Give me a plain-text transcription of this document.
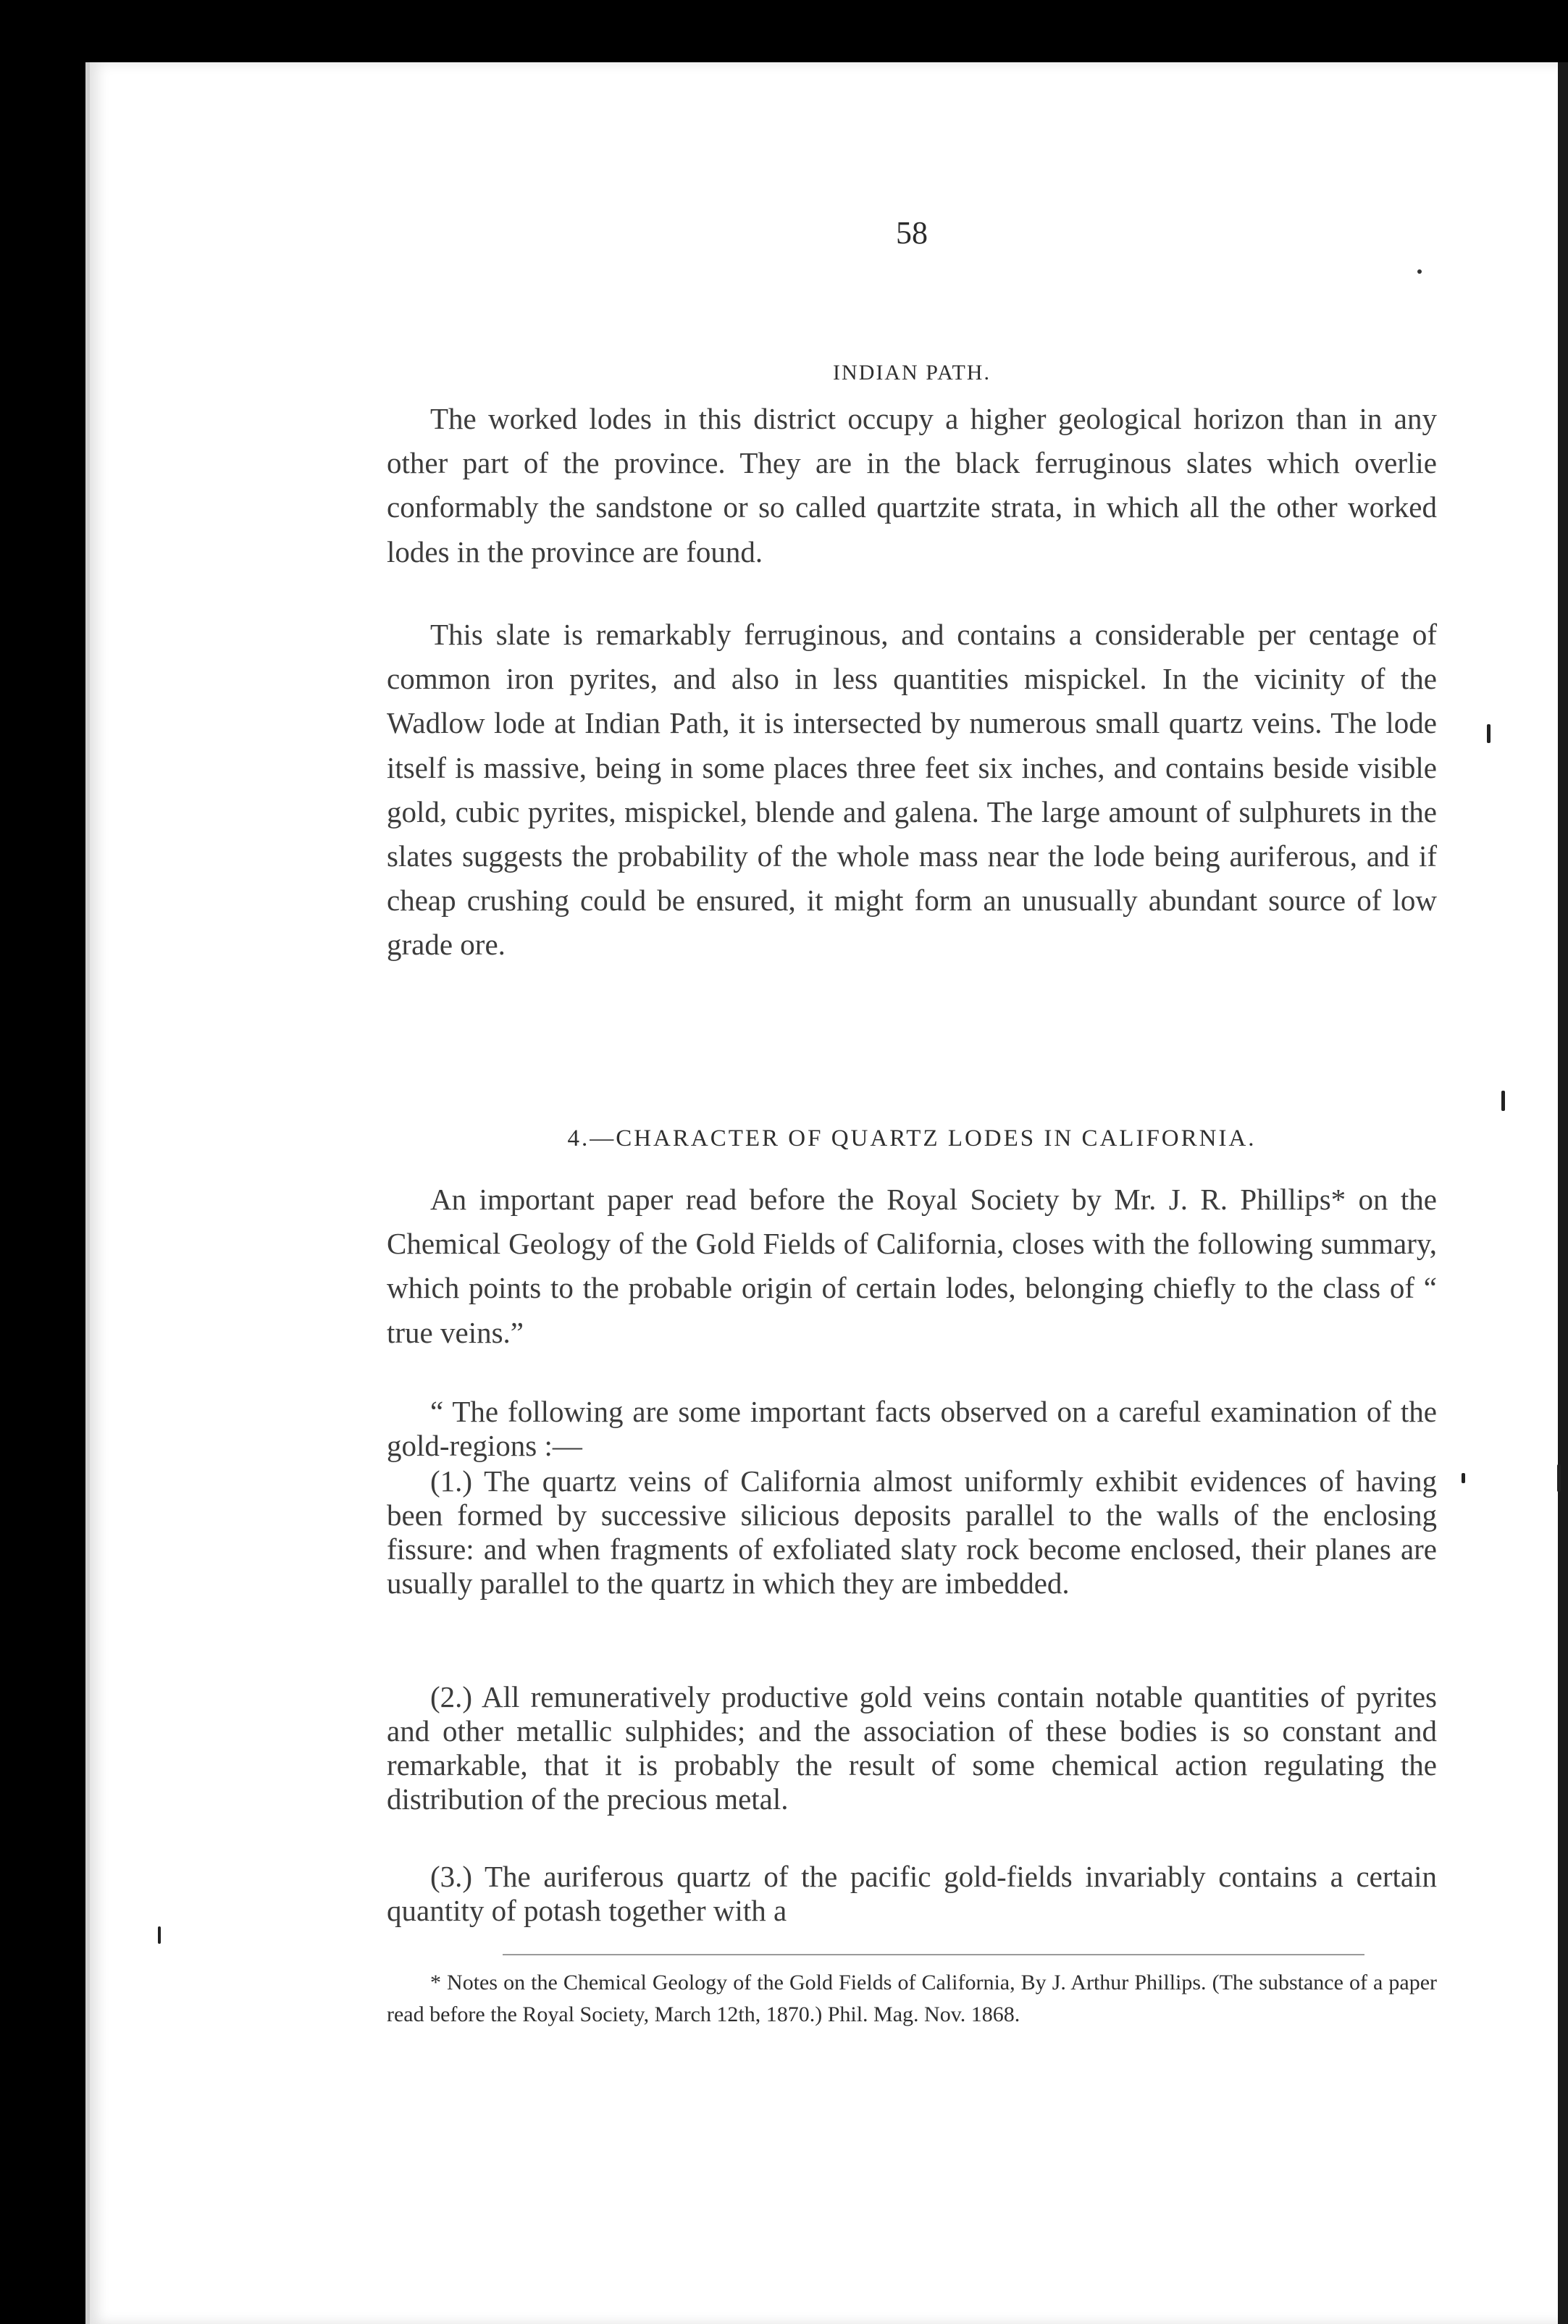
58
INDIAN PATH.

The worked lodes in this district occupy a higher geological horizon than in any other part of the province. They are in the black ferruginous slates which overlie conformably the sandstone or so called quartzite strata, in which all the other worked lodes in the province are found.

This slate is remarkably ferruginous, and contains a considerable per centage of common iron pyrites, and also in less quantities mispickel. In the vicinity of the Wadlow lode at Indian Path, it is intersected by numerous small quartz veins. The lode itself is massive, being in some places three feet six inches, and contains beside visible gold, cubic pyrites, mispickel, blende and galena. The large amount of sulphurets in the slates suggests the probability of the whole mass near the lode being auriferous, and if cheap crushing could be ensured, it might form an unusually abundant source of low grade ore.

4.—CHARACTER OF QUARTZ LODES IN CALIFORNIA.

An important paper read before the Royal Society by Mr. J. R. Phillips* on the Chemical Geology of the Gold Fields of California, closes with the following summary, which points to the probable origin of certain lodes, belonging chiefly to the class of “ true veins.”

“ The following are some important facts observed on a careful examination of the gold-regions :—

(1.) The quartz veins of California almost uniformly exhibit evidences of having been formed by successive silicious deposits parallel to the walls of the enclosing fissure: and when fragments of exfoliated slaty rock become enclosed, their planes are usually parallel to the quartz in which they are imbedded.

(2.) All remuneratively productive gold veins contain notable quantities of pyrites and other metallic sulphides; and the association of these bodies is so constant and remarkable, that it is probably the result of some chemical action regulating the distribution of the precious metal.

(3.) The auriferous quartz of the pacific gold-fields invariably contains a certain quantity of potash together with a

* Notes on the Chemical Geology of the Gold Fields of California, By J. Arthur Phillips. (The substance of a paper read before the Royal Society, March 12th, 1870.) Phil. Mag. Nov. 1868.
